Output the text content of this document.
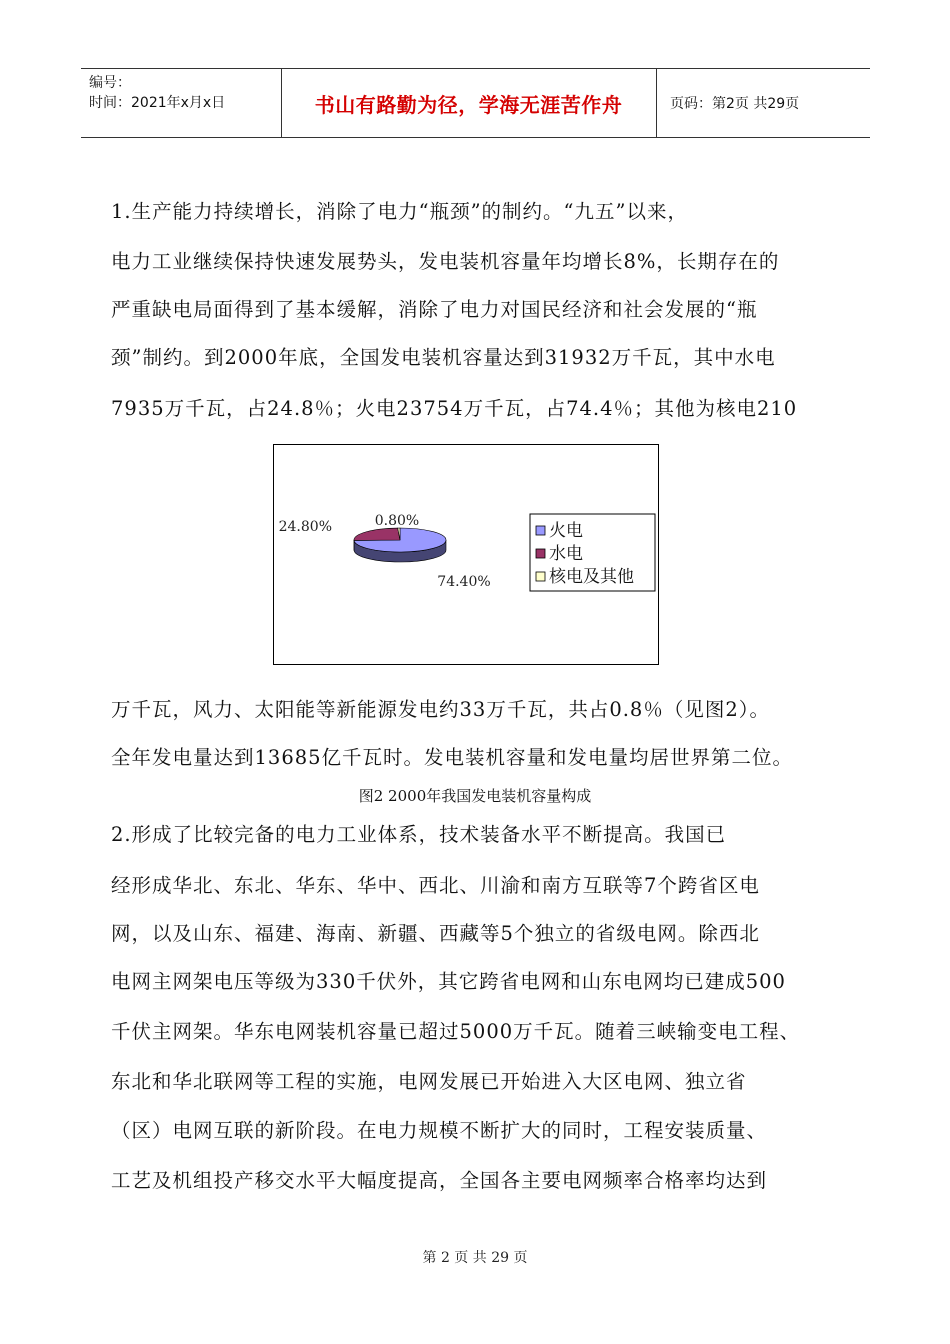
编号：
时间：2021年x月x日	书山有路勤为径，学海无涯苦作舟	页码：第2页 共29页
1.生产能力持续增长，消除了电力“瓶颈”的制约。“九五”以来，
电力工业继续保持快速发展势头，发电装机容量年均增长8%，长期存在的
严重缺电局面得到了基本缓解，消除了电力对国民经济和社会发展的“瓶
颈”制约。到2000年底，全国发电装机容量达到31932万千瓦，其中水电
7935万千瓦，占24.8％；火电23754万千瓦，占74.4％；其他为核电210
74.40%
24.80%	0.80%	火电
水电
核电及其他
万千瓦，风力、太阳能等新能源发电约33万千瓦，共占0.8％（见图2）。
全年发电量达到13685亿千瓦时。发电装机容量和发电量均居世界第二位。
图2 2000年我国发电装机容量构成
2.形成了比较完备的电力工业体系，技术装备水平不断提高。我国已
经形成华北、东北、华东、华中、西北、川渝和南方互联等7个跨省区电
网，以及山东、福建、海南、新疆、西藏等5个独立的省级电网。除西北
电网主网架电压等级为330千伏外，其它跨省电网和山东电网均已建成500
千伏主网架。华东电网装机容量已超过5000万千瓦。随着三峡输变电工程、
东北和华北联网等工程的实施，电网发展已开始进入大区电网、独立省
（区）电网互联的新阶段。在电力规模不断扩大的同时，工程安装质量、
工艺及机组投产移交水平大幅度提高，全国各主要电网频率合格率均达到
第 2 页 共 29 页
